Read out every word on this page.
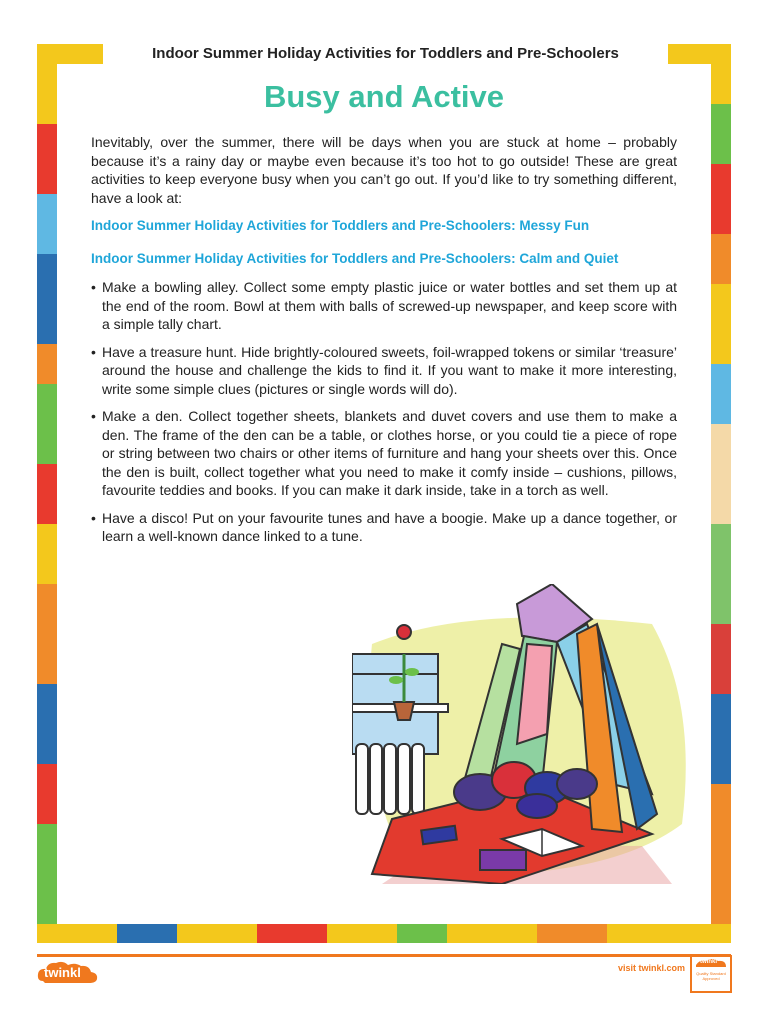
Indoor Summer Holiday Activities for Toddlers and Pre-Schoolers
Busy and Active

Inevitably, over the summer, there will be days when you are stuck at home – probably because it’s a rainy day or maybe even because it’s too hot to go outside! These are great activities to keep everyone busy when you can’t go out. If you’d like to try something different, have a look at:

Indoor Summer Holiday Activities for Toddlers and Pre-Schoolers: Messy Fun
Indoor Summer Holiday Activities for Toddlers and Pre-Schoolers: Calm and Quiet
• Make a bowling alley. Collect some empty plastic juice or water bottles and set them up at the end of the room. Bowl at them with balls of screwed-up newspaper, and keep score with a simple tally chart.
• Have a treasure hunt. Hide brightly-coloured sweets, foil-wrapped tokens or similar ‘treasure’ around the house and challenge the kids to find it. If you want to make it more interesting, write some simple clues (pictures or single words will do).
• Make a den. Collect together sheets, blankets and duvet covers and use them to make a den. The frame of the den can be a table, or clothes horse, or you could tie a piece of rope or string between two chairs or other items of furniture and hang your sheets over this. Once the den is built, collect together what you need to make it comfy inside – cushions, pillows, favourite teddies and books. If you can make it dark inside, take in a torch as well.
• Have a disco! Put on your favourite tunes and have a boogie. Make up a dance together, or learn a well-known dance linked to a tune.
twinkl	visit twinkl.com
twinkl
Quality Standard Approved
